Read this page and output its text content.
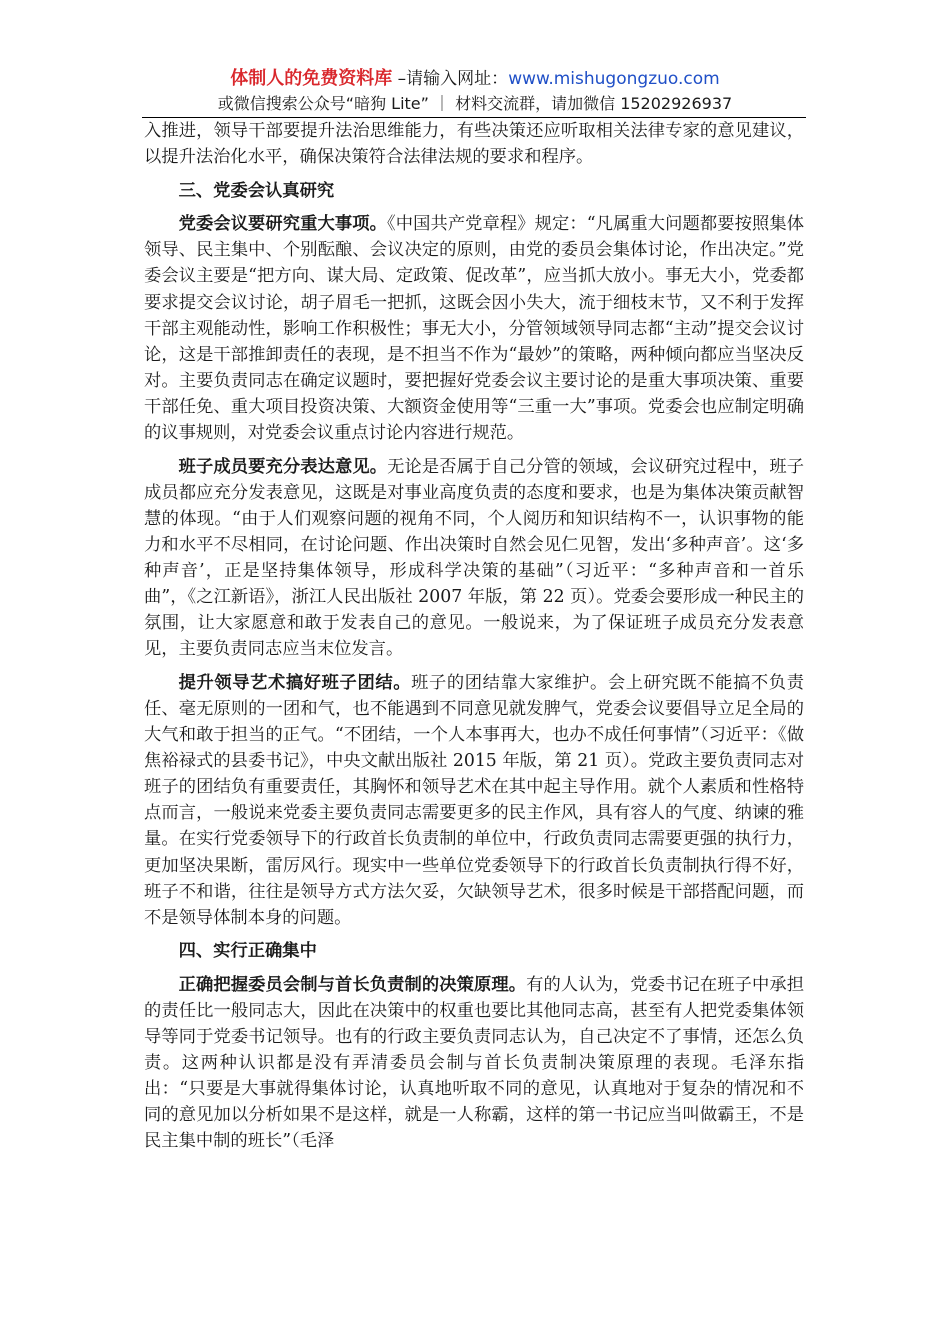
体制人的免费资料库 –请输入网址：www.mishugongzuo.com
或微信搜索公众号“暗狗 Lite” ｜ 材料交流群，请加微信 15202926937

入推进，领导干部要提升法治思维能力，有些决策还应听取相关法律专家的意见建议，以提升法治化水平，确保决策符合法律法规的要求和程序。

三、党委会认真研究

党委会议要研究重大事项。《中国共产党章程》规定：“凡属重大问题都要按照集体领导、民主集中、个别酝酿、会议决定的原则，由党的委员会集体讨论，作出决定。”党委会议主要是“把方向、谋大局、定政策、促改革”，应当抓大放小。事无大小，党委都要求提交会议讨论，胡子眉毛一把抓，这既会因小失大，流于细枝末节，又不利于发挥干部主观能动性，影响工作积极性；事无大小，分管领域领导同志都“主动”提交会议讨论，这是干部推卸责任的表现，是不担当不作为“最妙”的策略，两种倾向都应当坚决反对。主要负责同志在确定议题时，要把握好党委会议主要讨论的是重大事项决策、重要干部任免、重大项目投资决策、大额资金使用等“三重一大”事项。党委会也应制定明确的议事规则，对党委会议重点讨论内容进行规范。

班子成员要充分表达意见。无论是否属于自己分管的领域，会议研究过程中，班子成员都应充分发表意见，这既是对事业高度负责的态度和要求，也是为集体决策贡献智慧的体现。“由于人们观察问题的视角不同，个人阅历和知识结构不一，认识事物的能力和水平不尽相同，在讨论问题、作出决策时自然会见仁见智，发出‘多种声音’。这‘多种声音’，正是坚持集体领导，形成科学决策的基础”（习近平：“多种声音和一首乐曲”，《之江新语》，浙江人民出版社 2007 年版，第 22 页）。党委会要形成一种民主的氛围，让大家愿意和敢于发表自己的意见。一般说来，为了保证班子成员充分发表意见，主要负责同志应当末位发言。

提升领导艺术搞好班子团结。班子的团结靠大家维护。会上研究既不能搞不负责任、毫无原则的一团和气，也不能遇到不同意见就发脾气，党委会议要倡导立足全局的大气和敢于担当的正气。“不团结，一个人本事再大，也办不成任何事情”（习近平：《做焦裕禄式的县委书记》，中央文献出版社 2015 年版，第 21 页）。党政主要负责同志对班子的团结负有重要责任，其胸怀和领导艺术在其中起主导作用。就个人素质和性格特点而言，一般说来党委主要负责同志需要更多的民主作风，具有容人的气度、纳谏的雅量。在实行党委领导下的行政首长负责制的单位中，行政负责同志需要更强的执行力，更加坚决果断，雷厉风行。现实中一些单位党委领导下的行政首长负责制执行得不好，班子不和谐，往往是领导方式方法欠妥，欠缺领导艺术，很多时候是干部搭配问题，而不是领导体制本身的问题。

四、实行正确集中

正确把握委员会制与首长负责制的决策原理。有的人认为，党委书记在班子中承担的责任比一般同志大，因此在决策中的权重也要比其他同志高，甚至有人把党委集体领导等同于党委书记领导。也有的行政主要负责同志认为，自己决定不了事情，还怎么负责。这两种认识都是没有弄清委员会制与首长负责制决策原理的表现。毛泽东指出：“只要是大事就得集体讨论，认真地听取不同的意见，认真地对于复杂的情况和不同的意见加以分析如果不是这样，就是一人称霸，这样的第一书记应当叫做霸王，不是民主集中制的班长”（毛泽
